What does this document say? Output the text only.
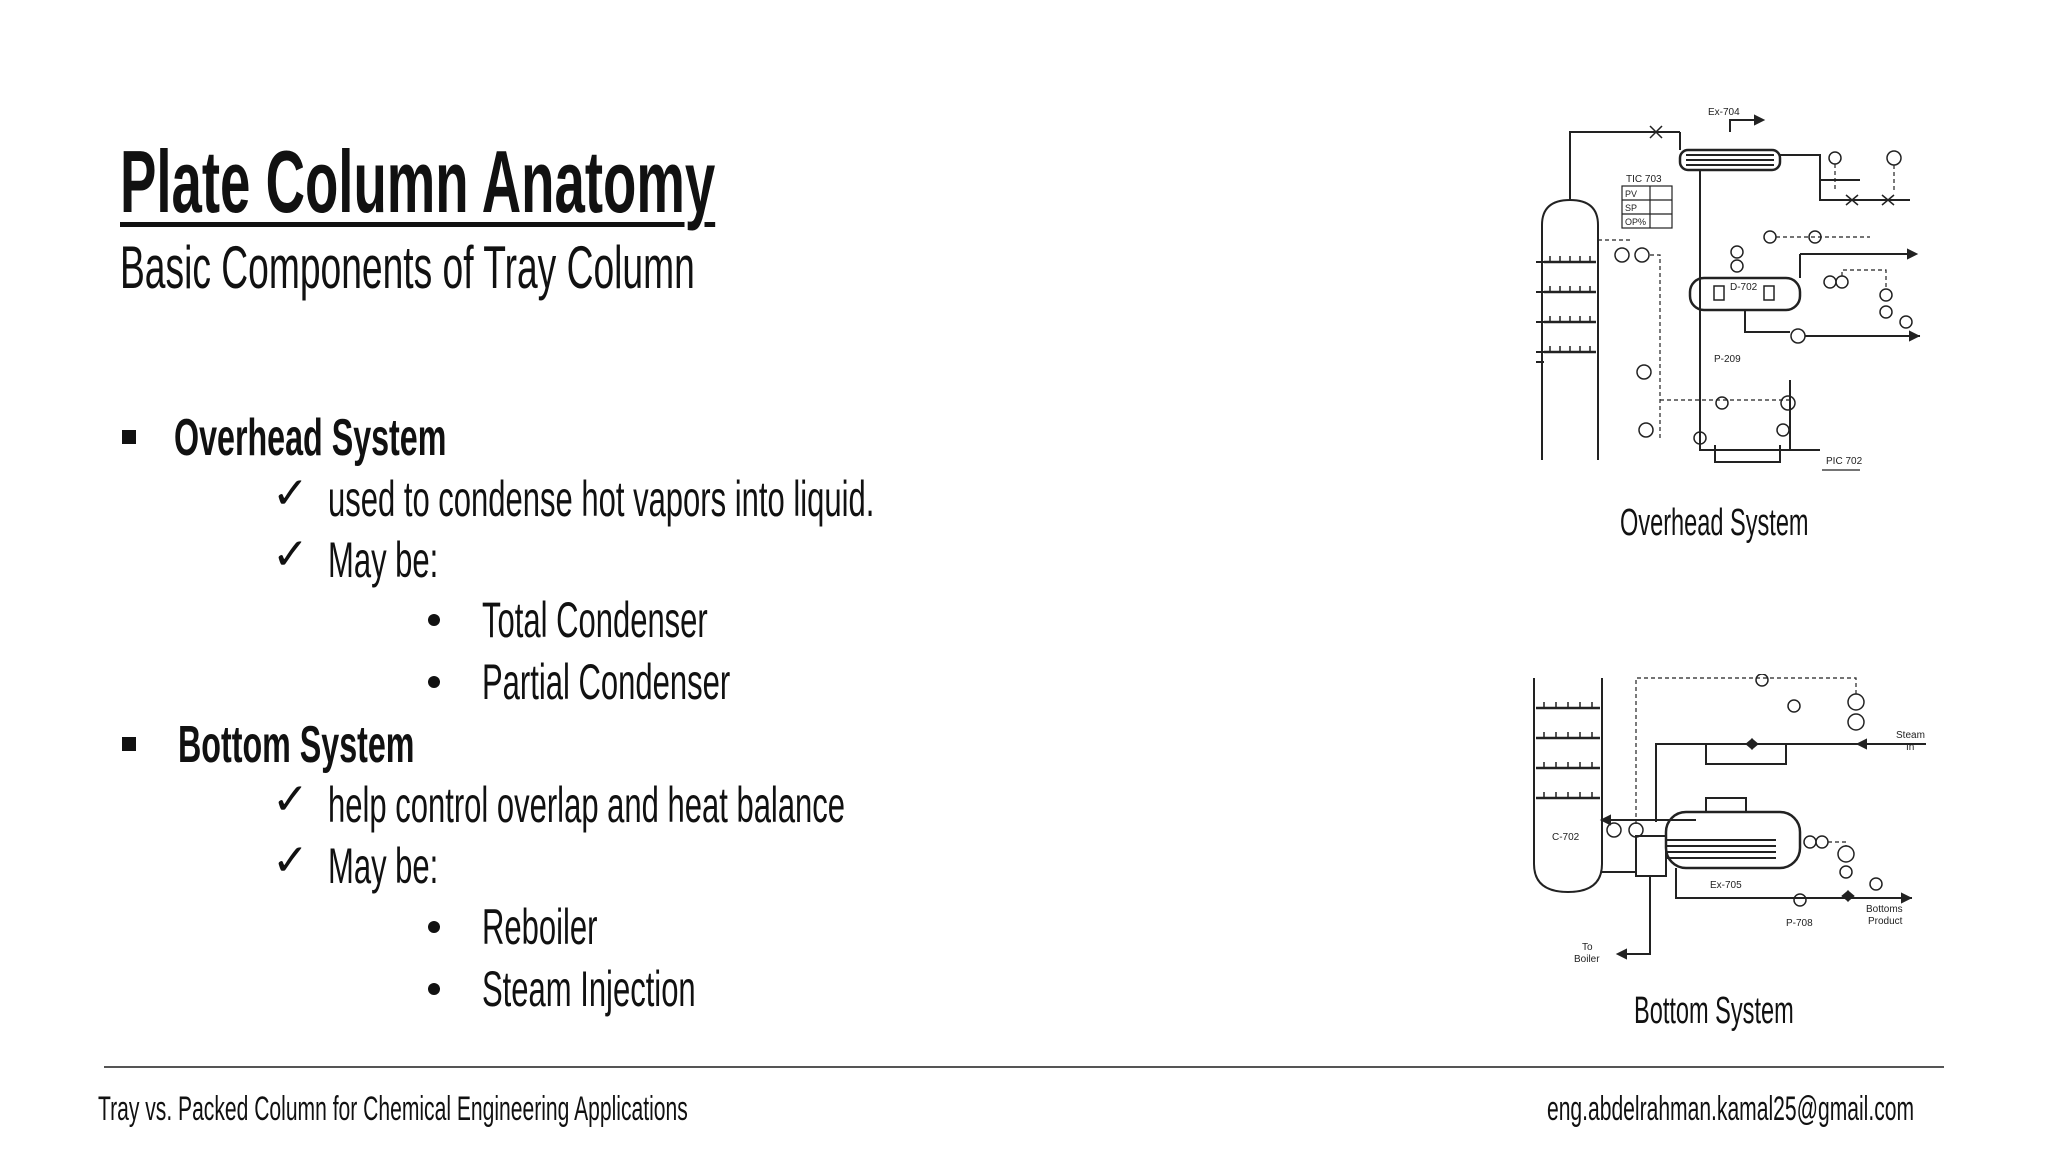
Plate Column Anatomy
Basic Components of Tray Column
Overhead System
✓ used to condense hot vapors into liquid.
✓ May be:
Total Condenser
Partial Condenser
Bottom System
✓ help control overlap and heat balance
✓ May be:
Reboiler
Steam Injection
Ex-704
TIC 703
PV
SP
OP%
D-702
P-209
PIC 702
Overhead System
C-702
Steam
In
Ex-705
To
Boiler
P-708
Bottoms
Product
Bottom System
Tray vs. Packed Column for Chemical Engineering Applications	eng.abdelrahman.kamal25@gmail.com
